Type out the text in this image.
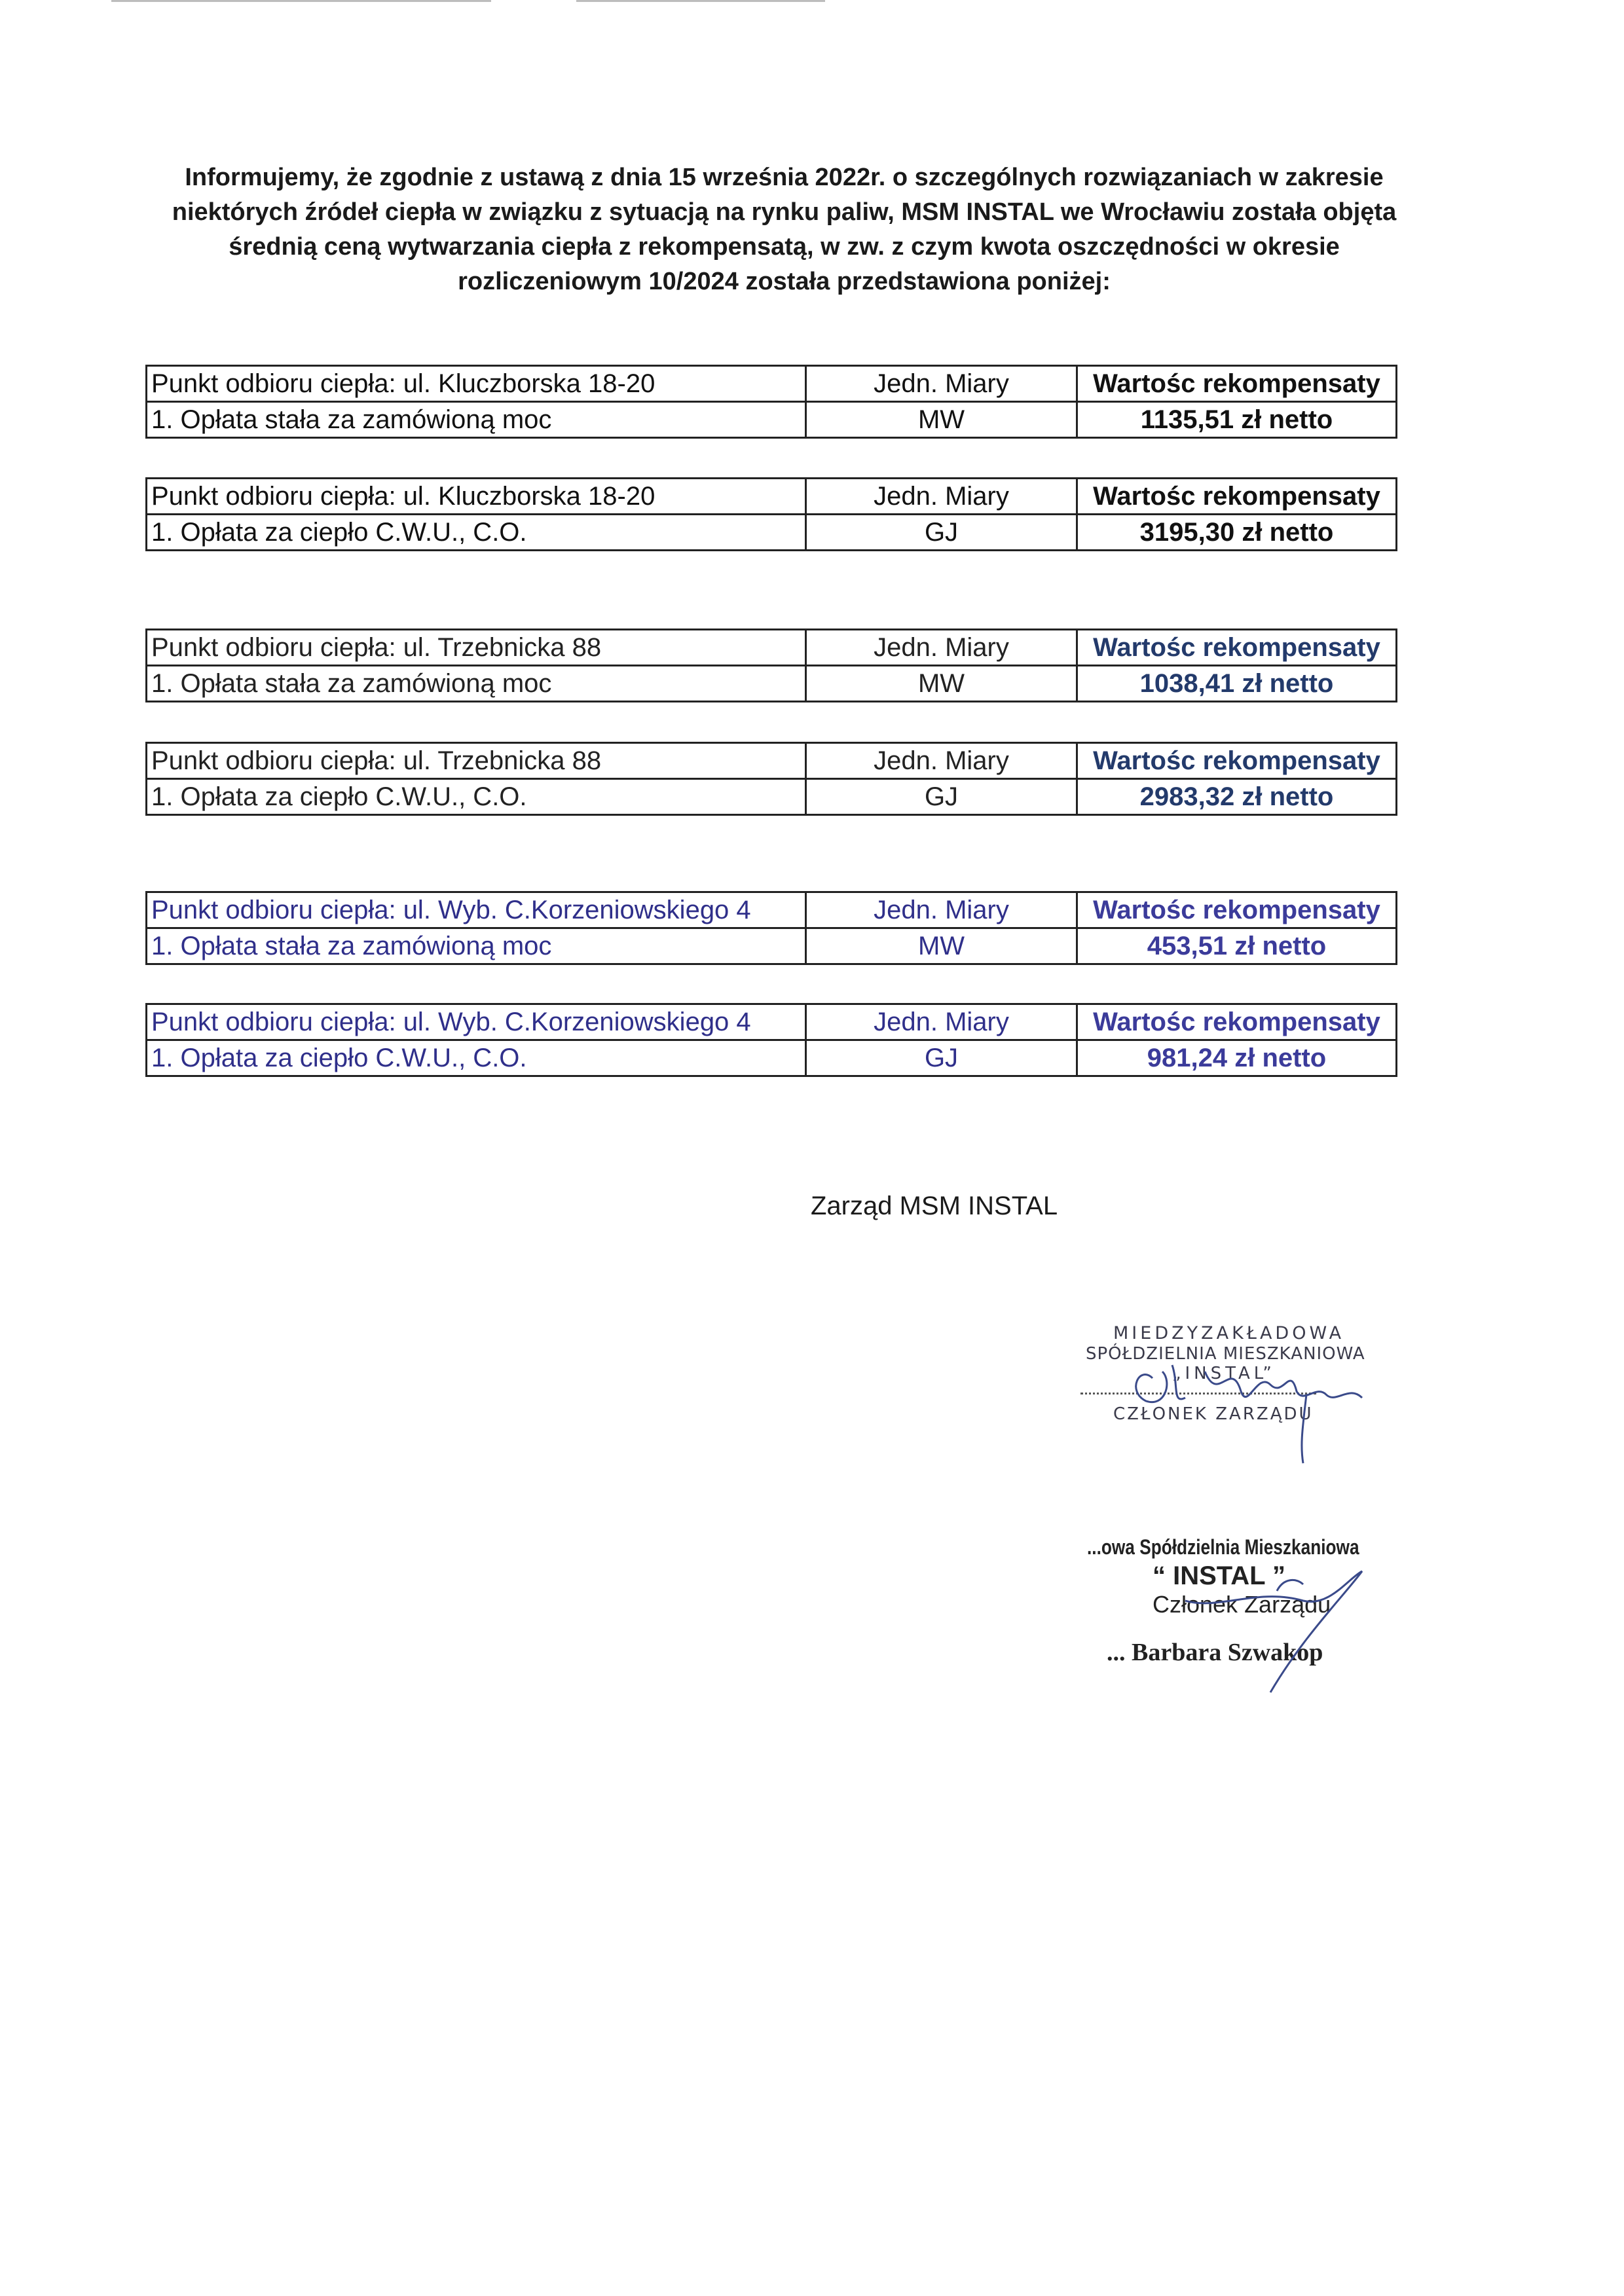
Informujemy, że zgodnie z ustawą z dnia 15 września 2022r. o szczególnych rozwiązaniach w zakresie niektórych źródeł ciepła w związku z sytuacją na rynku paliw, MSM INSTAL we Wrocławiu została objęta średnią ceną wytwarzania ciepła z rekompensatą, w zw. z czym kwota oszczędności w okresie rozliczeniowym 10/2024 została przedstawiona poniżej:
Punkt odbioru ciepła: ul. Kluczborska 18-20	Jedn. Miary	Wartośc rekompensaty
1. Opłata stała za zamówioną moc	MW	1135,51 zł netto
Punkt odbioru ciepła: ul. Kluczborska 18-20	Jedn. Miary	Wartośc rekompensaty
1. Opłata za ciepło C.W.U., C.O.	GJ	3195,30 zł netto
Punkt odbioru ciepła: ul. Trzebnicka 88	Jedn. Miary	Wartośc rekompensaty
1. Opłata stała za zamówioną moc	MW	1038,41 zł netto
Punkt odbioru ciepła: ul. Trzebnicka 88	Jedn. Miary	Wartośc rekompensaty
1. Opłata za ciepło C.W.U., C.O.	GJ	2983,32 zł netto
Punkt odbioru ciepła: ul. Wyb. C.Korzeniowskiego 4	Jedn. Miary	Wartośc rekompensaty
1. Opłata stała za zamówioną moc	MW	453,51 zł netto
Punkt odbioru ciepła: ul. Wyb. C.Korzeniowskiego 4	Jedn. Miary	Wartośc rekompensaty
1. Opłata za ciepło C.W.U., C.O.	GJ	981,24 zł netto
Zarząd MSM INSTAL
MIEDZYZAKŁADOWA
SPÓŁDZIELNIA MIESZKANIOWA
„INSTAL”
CZŁONEK ZARZĄDU
...owa Spółdzielnia Mieszkaniowa
“ INSTAL ”
Członek Zarządu
... Barbara Szwakop
